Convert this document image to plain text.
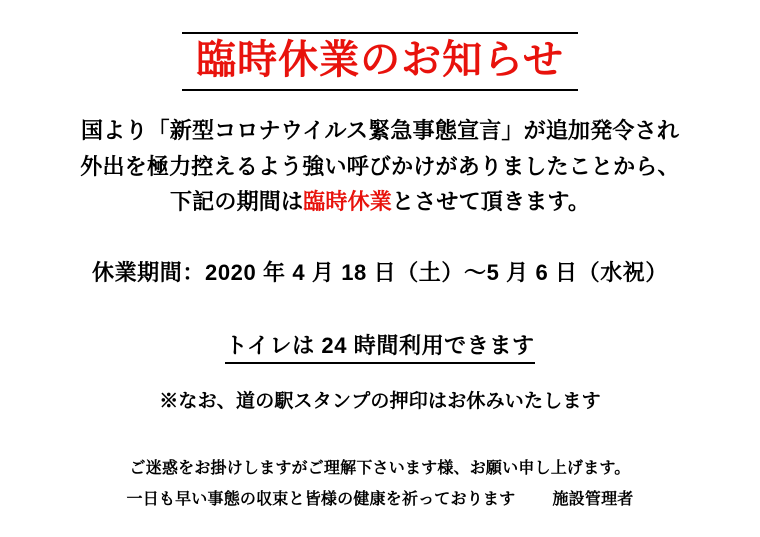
臨時休業のお知らせ
国より「新型コロナウイルス緊急事態宣言」が追加発令され
外出を極力控えるよう強い呼びかけがありましたことから、
下記の期間は臨時休業とさせて頂きます。
休業期間：2020 年 4 月 18 日（土）〜5 月 6 日（水祝）
トイレは 24 時間利用できます
※なお、道の駅スタンプの押印はお休みいたします
ご迷惑をお掛けしますがご理解下さいます様、お願い申し上げます。
一日も早い事態の収束と皆様の健康を祈っております 施設管理者
